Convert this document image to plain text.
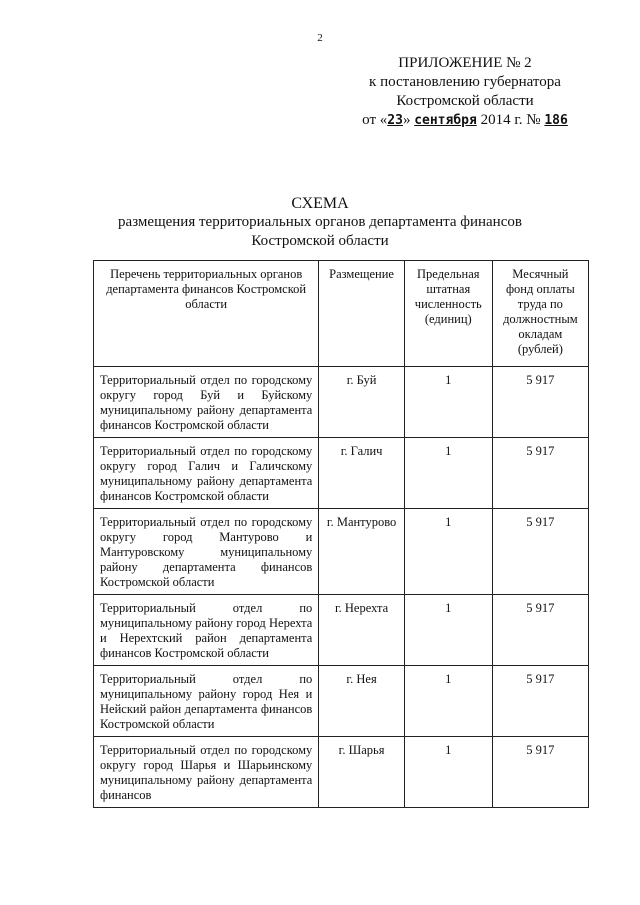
2
ПРИЛОЖЕНИЕ № 2
к постановлению губернатора
Костромской области
от «23» сентября 2014 г. № 186
СХЕМА
размещения территориальных органов департамента финансов
Костромской области
Перечень территориальных органов департамента финансов Костромской области	Размещение	Предельная штатная численность (единиц)	Месячный фонд оплаты труда по должностным окладам (рублей)
Территориальный отдел по городскому округу город Буй и Буйскому муниципальному району департамента финансов Костромской области	г. Буй	1	5 917
Территориальный отдел по городскому округу город Галич и Галичскому муниципальному району департамента финансов Костромской области	г. Галич	1	5 917
Территориальный отдел по городскому округу город Мантурово и Мантуровскому муниципальному району департамента финансов Костромской области	г. Мантурово	1	5 917
Территориальный отдел по муниципальному району город Нерехта и Нерехтский район департамента финансов Костромской области	г. Нерехта	1	5 917
Территориальный отдел по муниципальному району город Нея и Нейский район департамента финансов Костромской области	г. Нея	1	5 917
Территориальный отдел по городскому округу город Шарья и Шарьинскому муниципальному району департамента финансов	г. Шарья	1	5 917
